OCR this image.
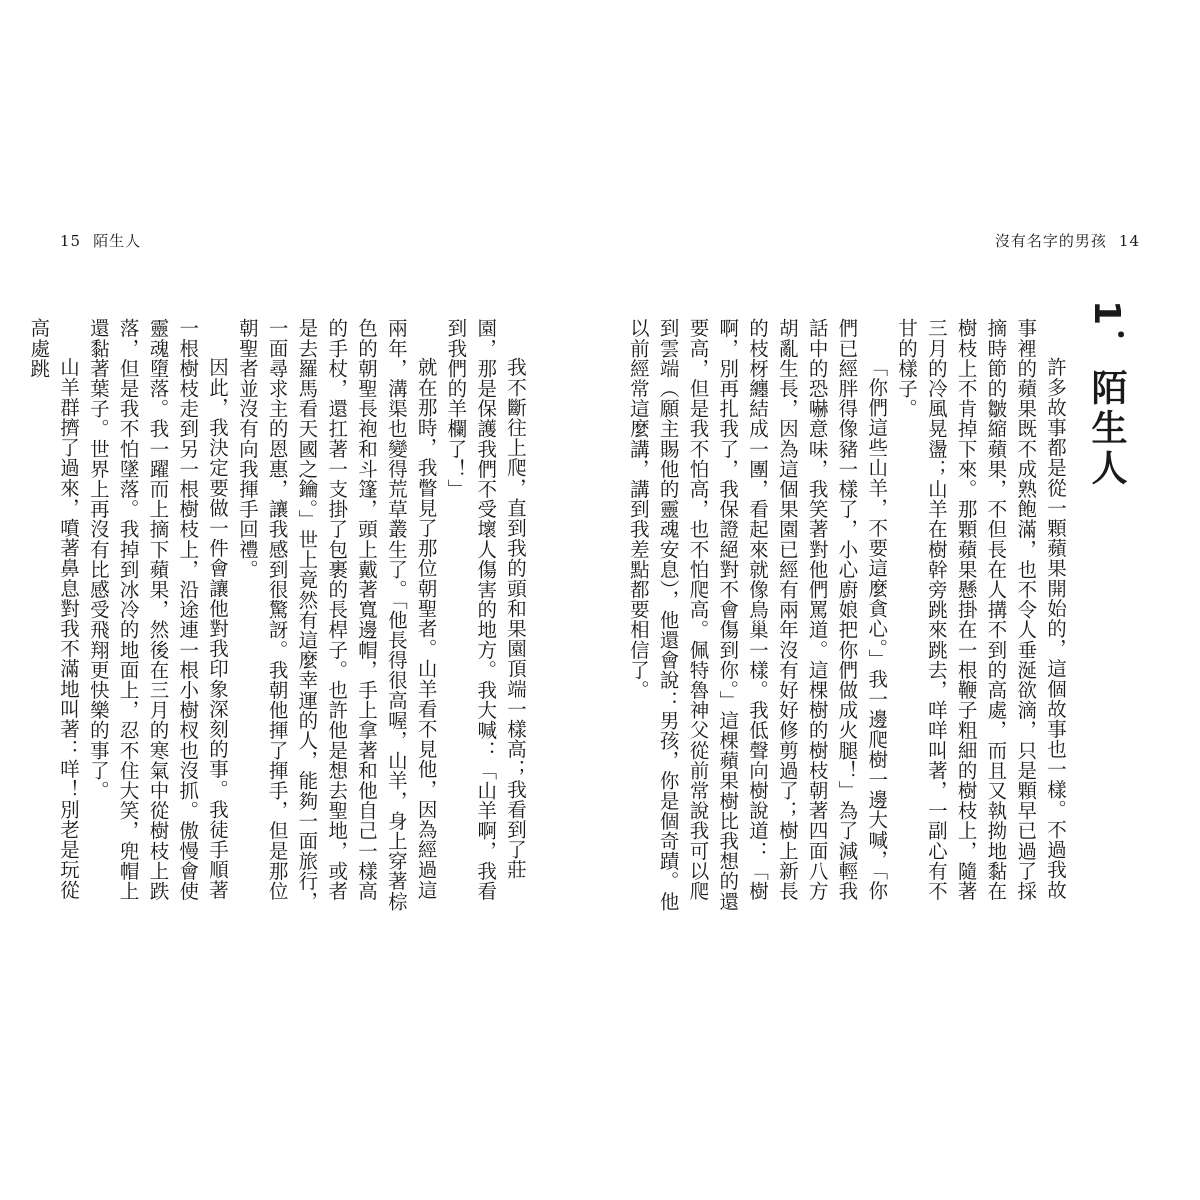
15 陌生人

我不斷往上爬，直到我的頭和果園頂端一樣高；我看到了莊園，那是保護我們不受壞人傷害的地方。我大喊：「山羊啊，我看到我們的羊欄了！」

就在那時，我瞥見了那位朝聖者。山羊看不見他，因為經過這兩年，溝渠也變得荒草叢生了。「他長得很高喔，山羊，身上穿著棕色的朝聖長袍和斗篷，頭上戴著寬邊帽，手上拿著和他自己一樣高的手杖，還扛著一支掛了包裹的長桿子。也許他是想去聖地，或者是去羅馬看天國之鑰。」世上竟然有這麼幸運的人，能夠一面旅行，一面尋求主的恩惠，讓我感到很驚訝。我朝他揮了揮手，但是那位朝聖者並沒有向我揮手回禮。

因此，我決定要做一件會讓他對我印象深刻的事。我徒手順著一根樹枝走到另一根樹枝上，沿途連一根小樹杈也沒抓。傲慢會使靈魂墮落。我一躍而上摘下蘋果，然後在三月的寒氣中從樹枝上跌落，但是我不怕墜落。我掉到冰冷的地面上，忍不住大笑，兜帽上還黏著葉子。世界上再沒有比感受飛翔更快樂的事了。

山羊群擠了過來，噴著鼻息對我不滿地叫著：咩！別老是玩從高處跳

沒有名字的男孩 14
1．陌生人

許多故事都是從一顆蘋果開始的，這個故事也一樣。不過我故事裡的蘋果既不成熟飽滿，也不令人垂涎欲滴，只是顆早已過了採摘時節的皺縮蘋果，不但長在人搆不到的高處，而且又執拗地黏在樹枝上不肯掉下來。那顆蘋果懸掛在一根鞭子粗細的樹枝上，隨著三月的冷風晃盪；山羊在樹幹旁跳來跳去，咩咩叫著，一副心有不甘的樣子。

「你們這些山羊，不要這麼貪心。」我一邊爬樹一邊大喊，「你們已經胖得像豬一樣了，小心廚娘把你們做成火腿！」為了減輕我話中的恐嚇意味，我笑著對他們罵道。這棵樹的樹枝朝著四面八方胡亂生長，因為這個果園已經有兩年沒有好好修剪過了；樹上新長的枝枒纏結成一團，看起來就像鳥巢一樣。我低聲向樹說道：「樹啊，別再扎我了，我保證絕對不會傷到你。」這棵蘋果樹比我想的還要高，但是我不怕高，也不怕爬高。佩特魯神父從前常說我可以爬到雲端（願主賜他的靈魂安息），他還會說：男孩，你是個奇蹟。他以前經常這麼講，講到我差點都要相信了。
